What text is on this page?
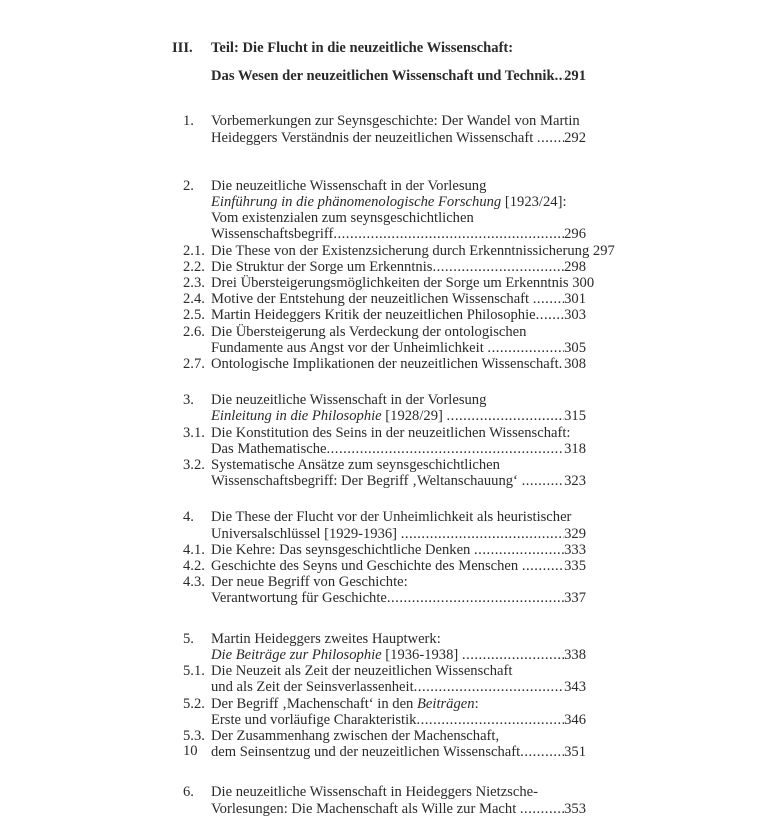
III.	Teil: Die Flucht in die neuzeitliche Wissenschaft:
Das Wesen der neuzeitlichen Wissenschaft und Technik ..... 291
1.	Vorbemerkungen zur Seynsgeschichte: Der Wandel von Martin
Heideggers Verständnis der neuzeitlichen Wissenschaft ..... 292
2.	Die neuzeitliche Wissenschaft in der Vorlesung
Einführung in die phänomenologische Forschung [1923/24]:
Vom existenzialen zum seynsgeschichtlichen
Wissenschaftsbegriff .....	296
2.1. Die These von der Existenzsicherung durch Erkenntnissicherung 297
2.2. Die Struktur der Sorge um Erkenntnis .....	298
2.3. Drei Übersteigerungsmöglichkeiten der Sorge um Erkenntnis 300
2.4. Motive der Entstehung der neuzeitlichen Wissenschaft ..... 301
2.5. Martin Heideggers Kritik der neuzeitlichen Philosophie ..... 303
2.6. Die Übersteigerung als Verdeckung der ontologischen
Fundamente aus Angst vor der Unheimlichkeit .....	305
2.7. Ontologische Implikationen der neuzeitlichen Wissenschaft ..... 308
3.	Die neuzeitliche Wissenschaft in der Vorlesung
Einleitung in die Philosophie [1928/29] .....	315
3.1. Die Konstitution des Seins in der neuzeitlichen Wissenschaft:
Das Mathematische .....	318
3.2. Systematische Ansätze zum seynsgeschichtlichen
Wissenschaftsbegriff: Der Begriff ‚Weltanschauung‘ .....	323
4.	Die These der Flucht vor der Unheimlichkeit als heuristischer
Universalschlüssel [1929-1936] .....	329
4.1. Die Kehre: Das seynsgeschichtliche Denken .....	333
4.2. Geschichte des Seyns und Geschichte des Menschen .....	335
4.3. Der neue Begriff von Geschichte:
Verantwortung für Geschichte .....	337
5.	Martin Heideggers zweites Hauptwerk:
Die Beiträge zur Philosophie [1936-1938] .....	338
5.1. Die Neuzeit als Zeit der neuzeitlichen Wissenschaft
und als Zeit der Seinsverlassenheit .....	343
5.2. Der Begriff ‚Machenschaft‘ in den Beiträgen:
Erste und vorläufige Charakteristik .....	346
5.3. Der Zusammenhang zwischen der Machenschaft,
dem Seinsentzug und der neuzeitlichen Wissenschaft .....	351
6.	Die neuzeitliche Wissenschaft in Heideggers Nietzsche-
Vorlesungen: Die Machenschaft als Wille zur Macht .....	353
10
